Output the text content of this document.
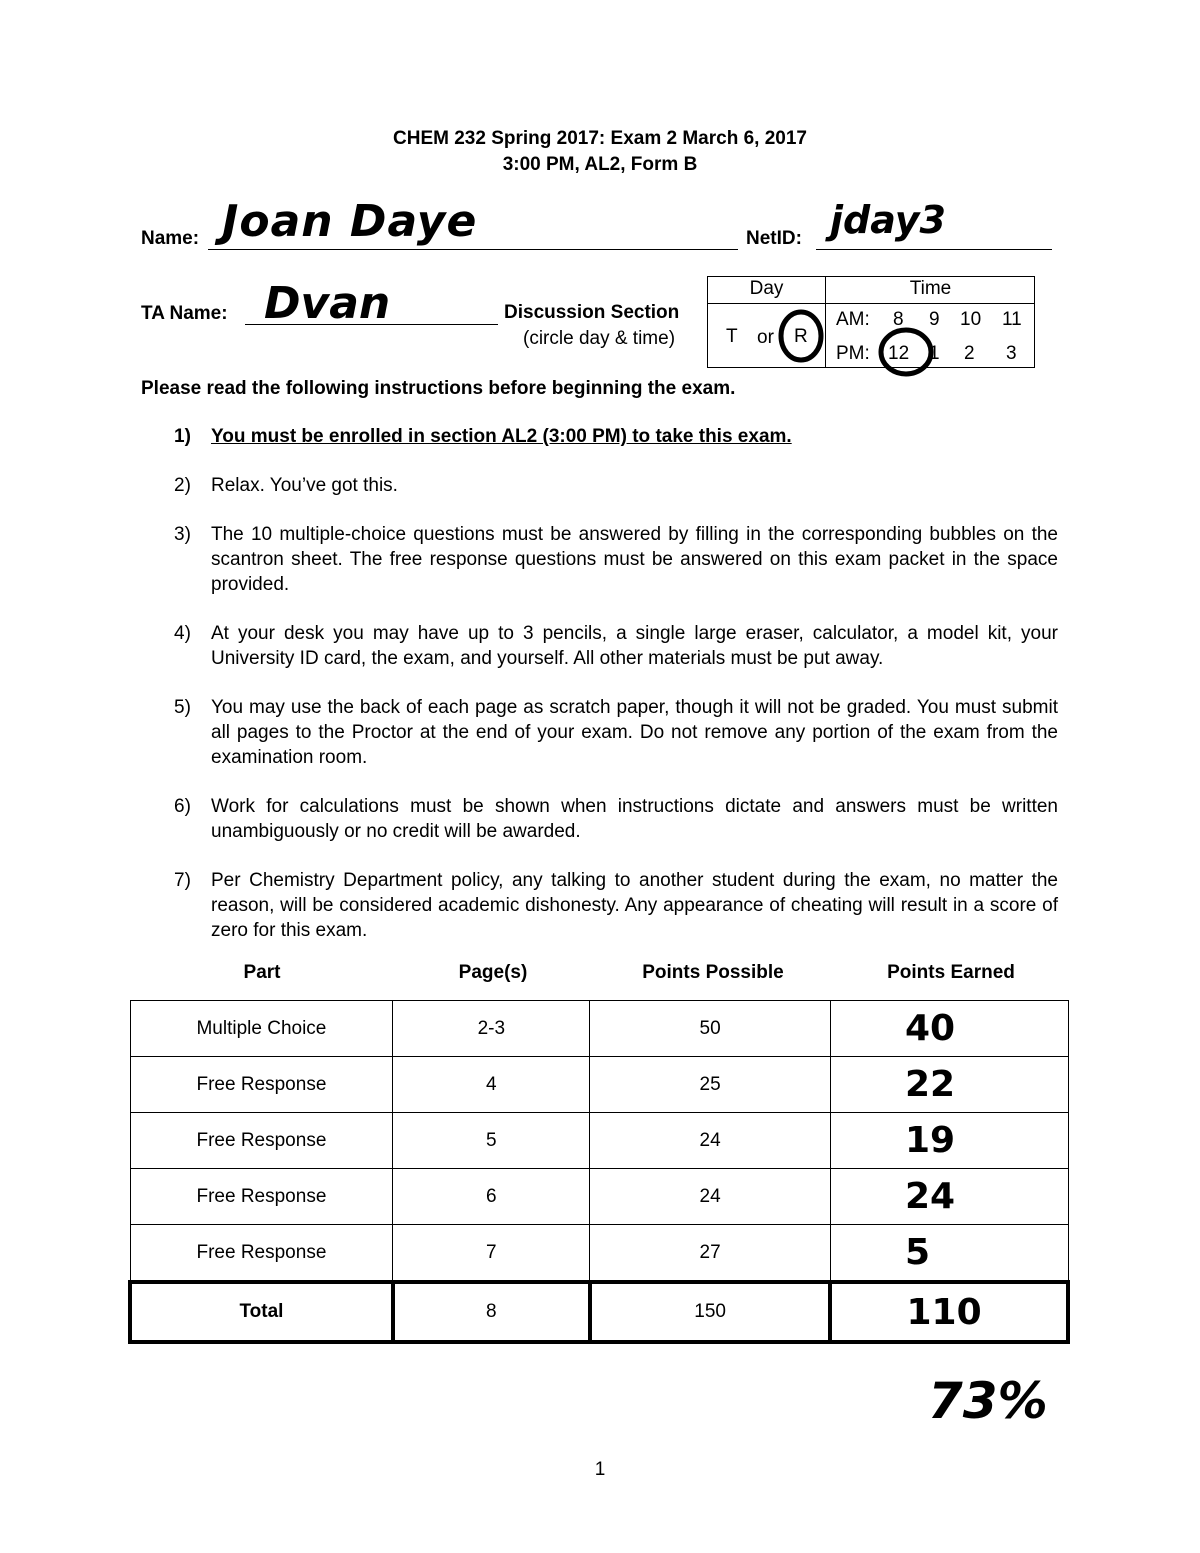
CHEM 232 Spring 2017: Exam 2 March 6, 2017
3:00 PM, AL2, Form B
Name: Joan Daye	NetID: jday3
TA Name: Dvan	Discussion Section
(circle day & time)
Day	Time
T or R
AM: 8 9 10 11
PM: 12 1 2 3
Please read the following instructions before beginning the exam.
1)	You must be enrolled in section AL2 (3:00 PM) to take this exam.
2)	Relax. You’ve got this.
3)	The 10 multiple-choice questions must be answered by filling in the corresponding bubbles on the scantron sheet. The free response questions must be answered on this exam packet in the space provided.
4)	At your desk you may have up to 3 pencils, a single large eraser, calculator, a model kit, your University ID card, the exam, and yourself. All other materials must be put away.
5)	You may use the back of each page as scratch paper, though it will not be graded. You must submit all pages to the Proctor at the end of your exam. Do not remove any portion of the exam from the examination room.
6)	Work for calculations must be shown when instructions dictate and answers must be written unambiguously or no credit will be awarded.
7)	Per Chemistry Department policy, any talking to another student during the exam, no matter the reason, will be considered academic dishonesty. Any appearance of cheating will result in a score of zero for this exam.
Part	Page(s)	Points Possible	Points Earned
Multiple Choice	2-3	50	40
Free Response	4	25	22
Free Response	5	24	19
Free Response	6	24	24
Free Response	7	27	5
Total	8	150	110
73%
1
